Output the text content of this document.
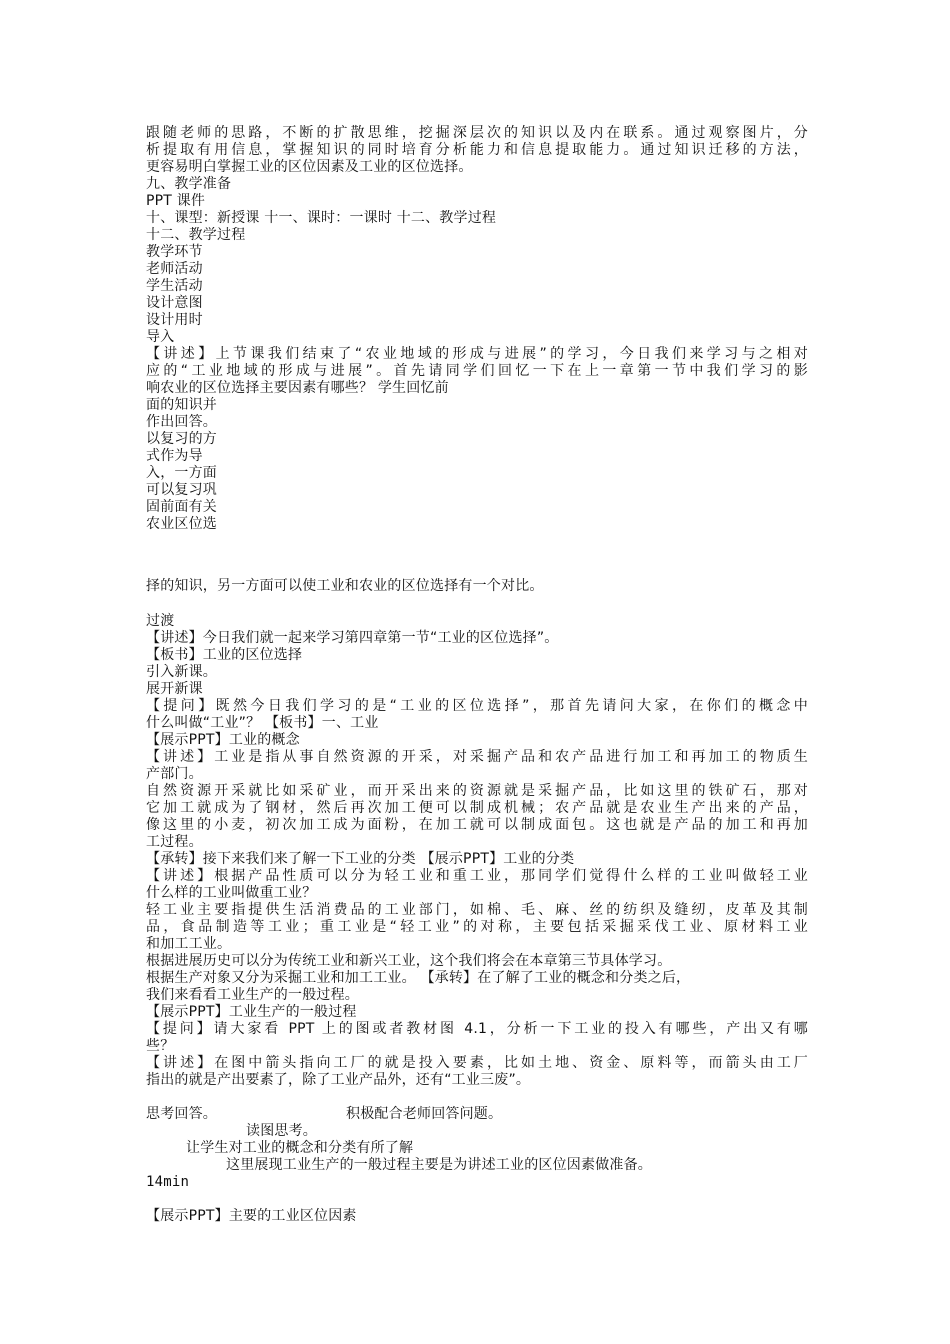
跟随老师的思路，不断的扩散思维，挖掘深层次的知识以及内在联系。通过观察图片，分
析提取有用信息，掌握知识的同时培育分析能力和信息提取能力。通过知识迁移的方法，
更容易明白掌握工业的区位因素及工业的区位选择。
九、教学准备
PPT 课件
十、课型：新授课 十一、课时：一课时 十二、教学过程
十二、教学过程
教学环节
老师活动
学生活动
设计意图
设计用时
导入
【讲述】上节课我们结束了“农业地域的形成与进展”的学习，今日我们来学习与之相对
应的“工业地域的形成与进展”。首先请同学们回忆一下在上一章第一节中我们学习的影
响农业的区位选择主要因素有哪些？ 学生回忆前
面的知识并
作出回答。
以复习的方
式作为导
入，一方面
可以复习巩
固前面有关
农业区位选
择的知识，另一方面可以使工业和农业的区位选择有一个对比。
过渡
【讲述】今日我们就一起来学习第四章第一节“工业的区位选择”。
【板书】工业的区位选择
引入新课。
展开新课
【提问】既然今日我们学习的是“工业的区位选择”，那首先请问大家，在你们的概念中
什么叫做“工业”？ 【板书】一、工业
【展示PPT】工业的概念
【讲述】工业是指从事自然资源的开采，对采掘产品和农产品进行加工和再加工的物质生
产部门。
自然资源开采就比如采矿业，而开采出来的资源就是采掘产品，比如这里的铁矿石，那对
它加工就成为了钢材，然后再次加工便可以制成机械；农产品就是农业生产出来的产品，
像这里的小麦，初次加工成为面粉，在加工就可以制成面包。这也就是产品的加工和再加
工过程。
【承转】接下来我们来了解一下工业的分类 【展示PPT】工业的分类
【讲述】根据产品性质可以分为轻工业和重工业，那同学们觉得什么样的工业叫做轻工业
什么样的工业叫做重工业？
轻工业主要指提供生活消费品的工业部门，如棉、毛、麻、丝的纺织及缝纫，皮革及其制
品，食品制造等工业；重工业是“轻工业”的对称，主要包括采掘采伐工业、原材料工业
和加工工业。
根据进展历史可以分为传统工业和新兴工业，这个我们将会在本章第三节具体学习。
根据生产对象又分为采掘工业和加工工业。 【承转】在了解了工业的概念和分类之后，
我们来看看工业生产的一般过程。
【展示PPT】工业生产的一般过程
【提问】请大家看 PPT 上的图或者教材图 4.1，分析一下工业的投入有哪些，产出又有哪
些？
【讲述】在图中箭头指向工厂的就是投入要素，比如土地、资金、原料等，而箭头由工厂
指出的就是产出要素了，除了工业产品外，还有“工业三废”。
思考回答。	积极配合老师回答问题。
读图思考。
让学生对工业的概念和分类有所了解
这里展现工业生产的一般过程主要是为讲述工业的区位因素做准备。
14min
【展示PPT】主要的工业区位因素
